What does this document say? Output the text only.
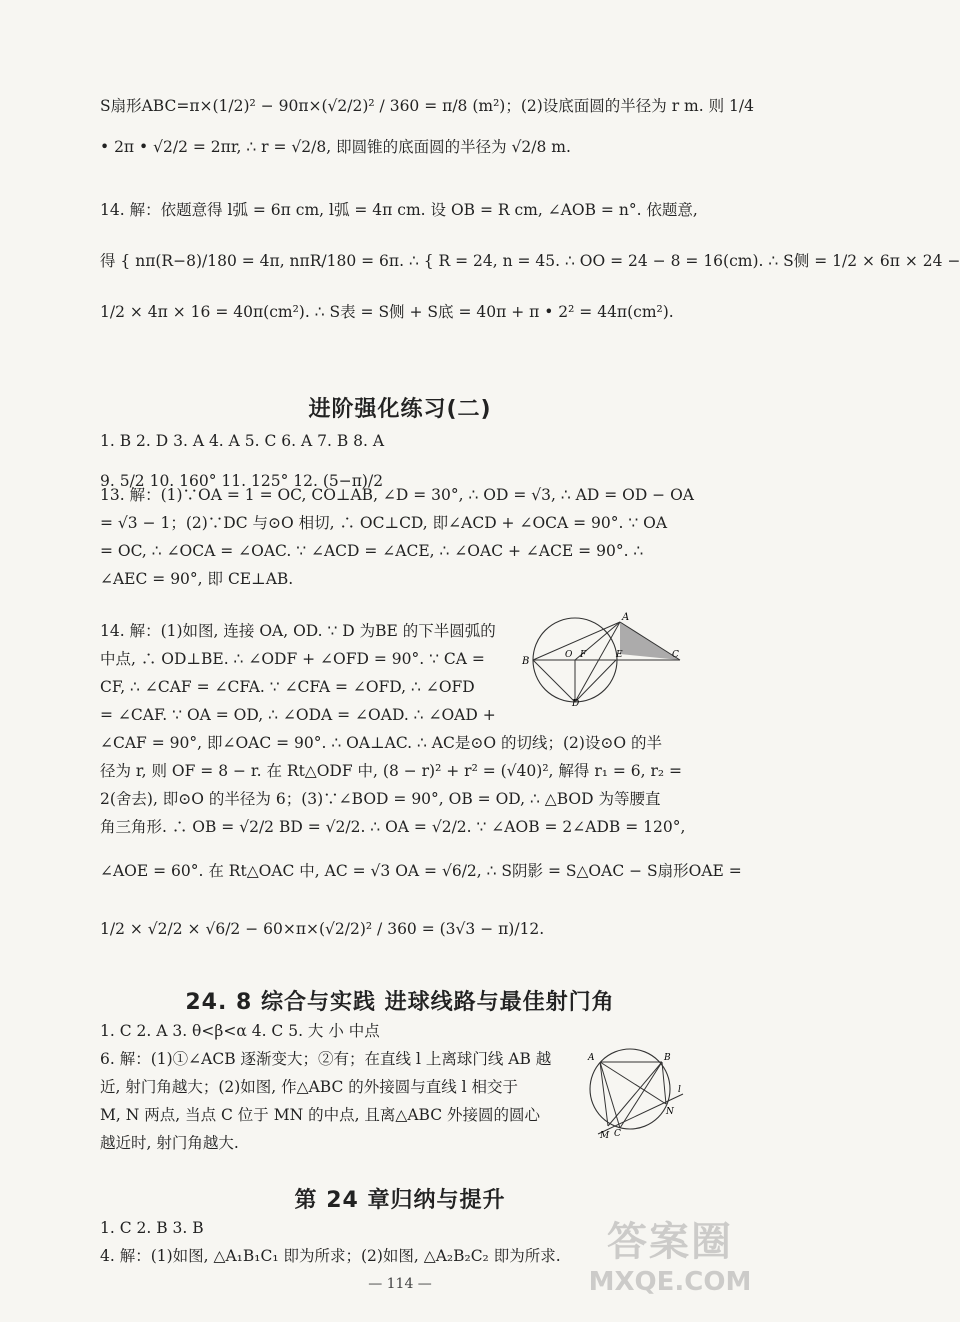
S扇形ABC=π×(1/2)² − 90π×(√2/2)² / 360 = π/8 (m²)；(2)设底面圆的半径为 r m. 则 1/4
• 2π • √2/2 = 2πr, ∴ r = √2/8, 即圆锥的底面圆的半径为 √2/8 m.
14. 解：依题意得 l弧 = 6π cm, l弧 = 4π cm. 设 OB = R cm, ∠AOB = n°. 依题意,
得 { nπ(R−8)/180 = 4π, nπR/180 = 6π. ∴ { R = 24, n = 45. ∴ OO = 24 − 8 = 16(cm). ∴ S侧 = 1/2 × 6π × 24 −
1/2 × 4π × 16 = 40π(cm²). ∴ S表 = S侧 + S底 = 40π + π • 2² = 44π(cm²).
进阶强化练习(二)
1. B 2. D 3. A 4. A 5. C 6. A 7. B 8. A
9. 5/2 10. 160° 11. 125° 12. (5−π)/2
13. 解：(1)∵OA = 1 = OC, CO⊥AB, ∠D = 30°, ∴ OD = √3, ∴ AD = OD − OA
= √3 − 1；(2)∵DC 与⊙O 相切, ∴ OC⊥CD, 即∠ACD + ∠OCA = 90°. ∵ OA
= OC, ∴ ∠OCA = ∠OAC. ∵ ∠ACD = ∠ACE, ∴ ∠OAC + ∠ACE = 90°. ∴
∠AEC = 90°, 即 CE⊥AB.
14. 解：(1)如图, 连接 OA, OD. ∵ D 为BE 的下半圆弧的
中点, ∴ OD⊥BE. ∴ ∠ODF + ∠OFD = 90°. ∵ CA =
CF, ∴ ∠CAF = ∠CFA. ∵ ∠CFA = ∠OFD, ∴ ∠OFD
= ∠CAF. ∵ OA = OD, ∴ ∠ODA = ∠OAD. ∴ ∠OAD +
∠CAF = 90°, 即∠OAC = 90°. ∴ OA⊥AC. ∴ AC是⊙O 的切线；(2)设⊙O 的半
径为 r, 则 OF = 8 − r. 在 Rt△ODF 中, (8 − r)² + r² = (√40)², 解得 r₁ = 6, r₂ =
2(舍去), 即⊙O 的半径为 6；(3)∵∠BOD = 90°, OB = OD, ∴ △BOD 为等腰直
角三角形. ∴ OB = √2/2 BD = √2/2. ∴ OA = √2/2. ∵ ∠AOB = 2∠ADB = 120°,
∠AOE = 60°. 在 Rt△OAC 中, AC = √3 OA = √6/2, ∴ S阴影 = S△OAC − S扇形OAE =
1/2 × √2/2 × √6/2 − 60×π×(√2/2)² / 360 = (3√3 − π)/12.
A
B
O F	E	C
D
24. 8 综合与实践 进球线路与最佳射门角
1. C 2. A 3. θ<β<α 4. C 5. 大 小 中点
6. 解：(1)①∠ACB 逐渐变大；②有；在直线 l 上离球门线 AB 越
近, 射门角越大；(2)如图, 作△ABC 的外接圆与直线 l 相交于
M, N 两点, 当点 C 位于 MN 的中点, 且离△ABC 外接圆的圆心
越近时, 射门角越大.
A	B
M C
N
l
第 24 章归纳与提升
1. C 2. B 3. B
4. 解：(1)如图, △A₁B₁C₁ 即为所求；(2)如图, △A₂B₂C₂ 即为所求.
— 114 —
答案圈
MXQE.COM
